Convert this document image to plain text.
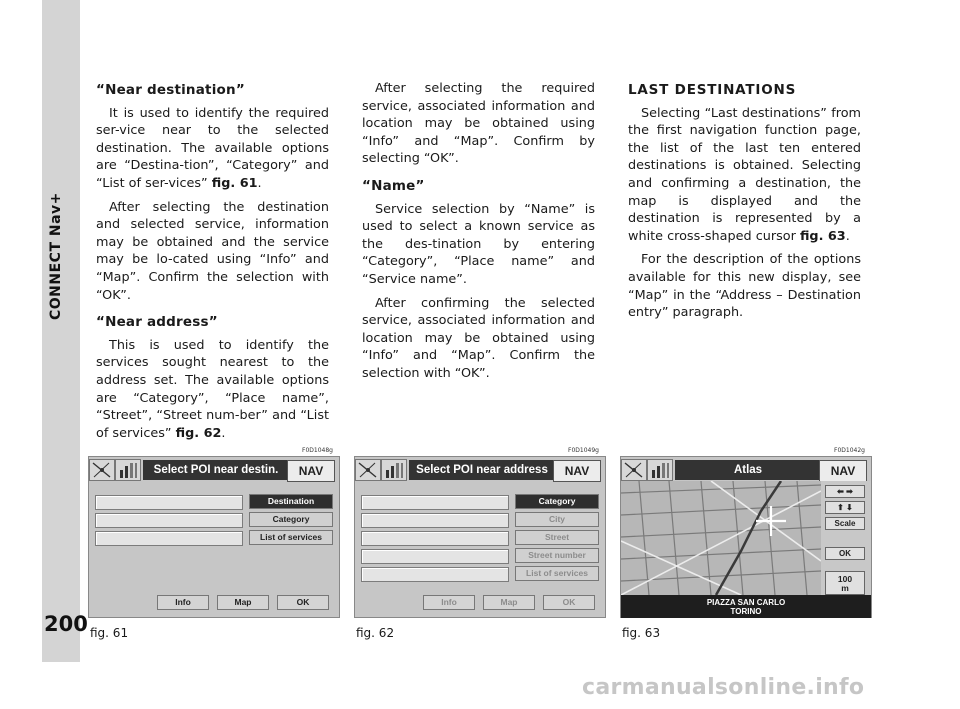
CONNECT Nav+
200
“Near destination”

It is used to identify the required ser-vice near to the selected destination. The available options are “Destina-tion”, “Category” and “List of ser-vices” fig. 61.

After selecting the destination and selected service, information may be obtained and the service may be lo-cated using “Info” and “Map”. Confirm the selection with “OK”.

“Near address”

This is used to identify the services sought nearest to the address set. The available options are “Category”, “Place name”, “Street”, “Street num-ber” and “List of services” fig. 62.

After selecting the required service, associated information and location may be obtained using “Info” and “Map”. Confirm by selecting “OK”.

“Name”

Service selection by “Name” is used to select a known service as the des-tination by entering “Category”, “Place name” and “Service name”.

After confirming the selected service, associated information and location may be obtained using “Info” and “Map”. Confirm the selection with “OK”.

LAST DESTINATIONS

Selecting “Last destinations” from the first navigation function page, the list of the last ten entered destinations is obtained. Selecting and confirming a destination, the map is displayed and the destination is represented by a white cross-shaped cursor fig. 63.

For the description of the options available for this new display, see “Map” in the “Address – Destination entry” paragraph.

F0D1048g	F0D1049g	F0D1042g
Select POI near destin.	NAV
Destination
Category
List of services
Info	Map	OK
fig. 61
Select POI near address	NAV
Category
City
Street
Street number
List of services
Info	Map	OK
fig. 62
Atlas	NAV
⬅ ➡
⬆ ⬇
Scale
OK
100
m
PIAZZA SAN CARLO
TORINO
fig. 63
carmanualsonline.info
